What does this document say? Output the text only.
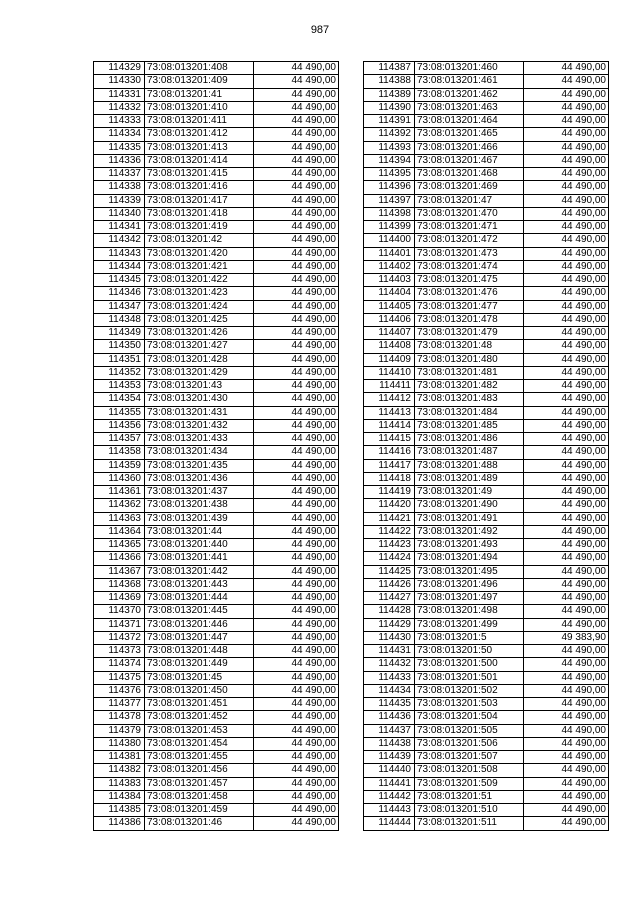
987
114329	73:08:013201:408	44 490,00
114330	73:08:013201:409	44 490,00
114331	73:08:013201:41	44 490,00
114332	73:08:013201:410	44 490,00
114333	73:08:013201:411	44 490,00
114334	73:08:013201:412	44 490,00
114335	73:08:013201:413	44 490,00
114336	73:08:013201:414	44 490,00
114337	73:08:013201:415	44 490,00
114338	73:08:013201:416	44 490,00
114339	73:08:013201:417	44 490,00
114340	73:08:013201:418	44 490,00
114341	73:08:013201:419	44 490,00
114342	73:08:013201:42	44 490,00
114343	73:08:013201:420	44 490,00
114344	73:08:013201:421	44 490,00
114345	73:08:013201:422	44 490,00
114346	73:08:013201:423	44 490,00
114347	73:08:013201:424	44 490,00
114348	73:08:013201:425	44 490,00
114349	73:08:013201:426	44 490,00
114350	73:08:013201:427	44 490,00
114351	73:08:013201:428	44 490,00
114352	73:08:013201:429	44 490,00
114353	73:08:013201:43	44 490,00
114354	73:08:013201:430	44 490,00
114355	73:08:013201:431	44 490,00
114356	73:08:013201:432	44 490,00
114357	73:08:013201:433	44 490,00
114358	73:08:013201:434	44 490,00
114359	73:08:013201:435	44 490,00
114360	73:08:013201:436	44 490,00
114361	73:08:013201:437	44 490,00
114362	73:08:013201:438	44 490,00
114363	73:08:013201:439	44 490,00
114364	73:08:013201:44	44 490,00
114365	73:08:013201:440	44 490,00
114366	73:08:013201:441	44 490,00
114367	73:08:013201:442	44 490,00
114368	73:08:013201:443	44 490,00
114369	73:08:013201:444	44 490,00
114370	73:08:013201:445	44 490,00
114371	73:08:013201:446	44 490,00
114372	73:08:013201:447	44 490,00
114373	73:08:013201:448	44 490,00
114374	73:08:013201:449	44 490,00
114375	73:08:013201:45	44 490,00
114376	73:08:013201:450	44 490,00
114377	73:08:013201:451	44 490,00
114378	73:08:013201:452	44 490,00
114379	73:08:013201:453	44 490,00
114380	73:08:013201:454	44 490,00
114381	73:08:013201:455	44 490,00
114382	73:08:013201:456	44 490,00
114383	73:08:013201:457	44 490,00
114384	73:08:013201:458	44 490,00
114385	73:08:013201:459	44 490,00
114386	73:08:013201:46	44 490,00
114387	73:08:013201:460	44 490,00
114388	73:08:013201:461	44 490,00
114389	73:08:013201:462	44 490,00
114390	73:08:013201:463	44 490,00
114391	73:08:013201:464	44 490,00
114392	73:08:013201:465	44 490,00
114393	73:08:013201:466	44 490,00
114394	73:08:013201:467	44 490,00
114395	73:08:013201:468	44 490,00
114396	73:08:013201:469	44 490,00
114397	73:08:013201:47	44 490,00
114398	73:08:013201:470	44 490,00
114399	73:08:013201:471	44 490,00
114400	73:08:013201:472	44 490,00
114401	73:08:013201:473	44 490,00
114402	73:08:013201:474	44 490,00
114403	73:08:013201:475	44 490,00
114404	73:08:013201:476	44 490,00
114405	73:08:013201:477	44 490,00
114406	73:08:013201:478	44 490,00
114407	73:08:013201:479	44 490,00
114408	73:08:013201:48	44 490,00
114409	73:08:013201:480	44 490,00
114410	73:08:013201:481	44 490,00
114411	73:08:013201:482	44 490,00
114412	73:08:013201:483	44 490,00
114413	73:08:013201:484	44 490,00
114414	73:08:013201:485	44 490,00
114415	73:08:013201:486	44 490,00
114416	73:08:013201:487	44 490,00
114417	73:08:013201:488	44 490,00
114418	73:08:013201:489	44 490,00
114419	73:08:013201:49	44 490,00
114420	73:08:013201:490	44 490,00
114421	73:08:013201:491	44 490,00
114422	73:08:013201:492	44 490,00
114423	73:08:013201:493	44 490,00
114424	73:08:013201:494	44 490,00
114425	73:08:013201:495	44 490,00
114426	73:08:013201:496	44 490,00
114427	73:08:013201:497	44 490,00
114428	73:08:013201:498	44 490,00
114429	73:08:013201:499	44 490,00
114430	73:08:013201:5	49 383,90
114431	73:08:013201:50	44 490,00
114432	73:08:013201:500	44 490,00
114433	73:08:013201:501	44 490,00
114434	73:08:013201:502	44 490,00
114435	73:08:013201:503	44 490,00
114436	73:08:013201:504	44 490,00
114437	73:08:013201:505	44 490,00
114438	73:08:013201:506	44 490,00
114439	73:08:013201:507	44 490,00
114440	73:08:013201:508	44 490,00
114441	73:08:013201:509	44 490,00
114442	73:08:013201:51	44 490,00
114443	73:08:013201:510	44 490,00
114444	73:08:013201:511	44 490,00
